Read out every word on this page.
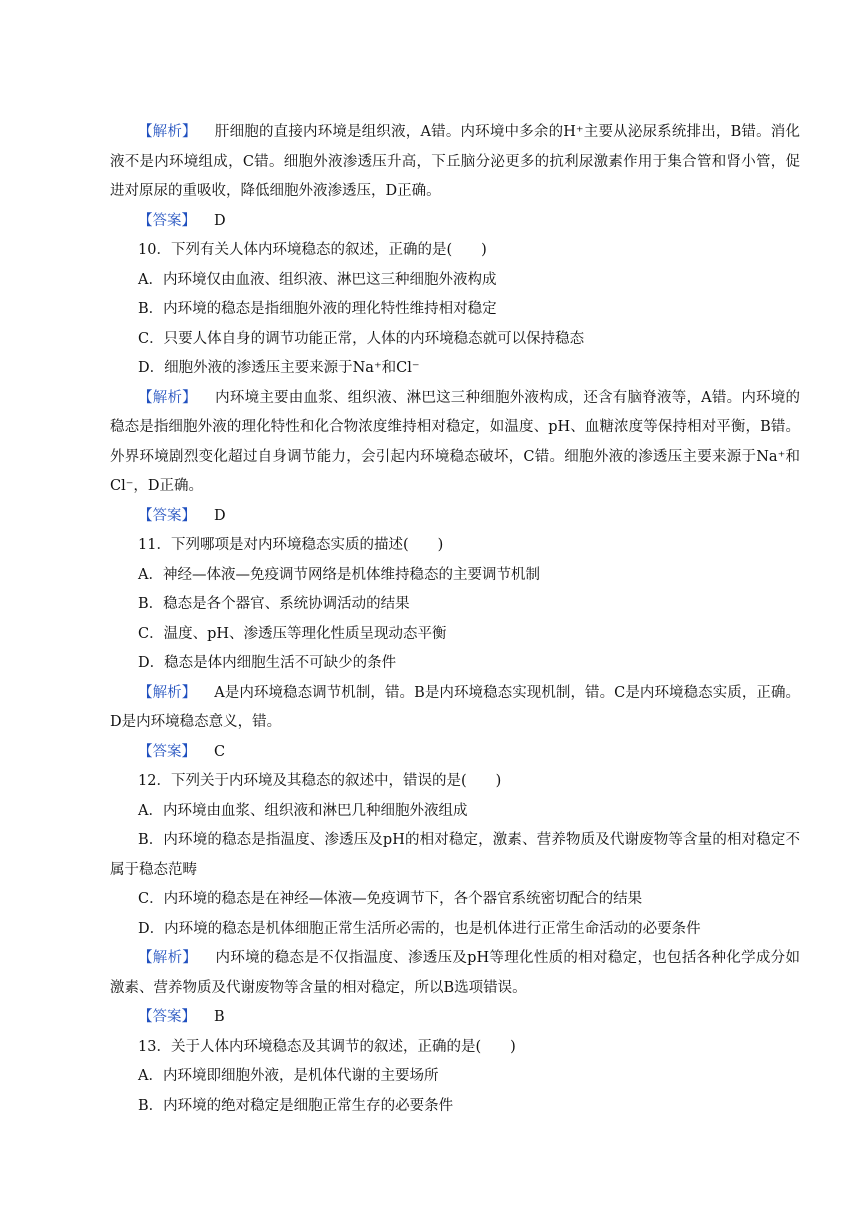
【解析】 肝细胞的直接内环境是组织液，A错。内环境中多余的H⁺主要从泌尿系统排出，B错。消化液不是内环境组成，C错。细胞外液渗透压升高，下丘脑分泌更多的抗利尿激素作用于集合管和肾小管，促进对原尿的重吸收，降低细胞外液渗透压，D正确。
【答案】 D
10．下列有关人体内环境稳态的叙述，正确的是(　　)
A．内环境仅由血液、组织液、淋巴这三种细胞外液构成
B．内环境的稳态是指细胞外液的理化特性维持相对稳定
C．只要人体自身的调节功能正常，人体的内环境稳态就可以保持稳态
D．细胞外液的渗透压主要来源于Na⁺和Cl⁻
【解析】 内环境主要由血浆、组织液、淋巴这三种细胞外液构成，还含有脑脊液等，A错。内环境的稳态是指细胞外液的理化特性和化合物浓度维持相对稳定，如温度、pH、血糖浓度等保持相对平衡，B错。外界环境剧烈变化超过自身调节能力，会引起内环境稳态破坏，C错。细胞外液的渗透压主要来源于Na⁺和Cl⁻，D正确。
【答案】 D
11．下列哪项是对内环境稳态实质的描述(　　)
A．神经—体液—免疫调节网络是机体维持稳态的主要调节机制
B．稳态是各个器官、系统协调活动的结果
C．温度、pH、渗透压等理化性质呈现动态平衡
D．稳态是体内细胞生活不可缺少的条件
【解析】 A是内环境稳态调节机制，错。B是内环境稳态实现机制，错。C是内环境稳态实质，正确。D是内环境稳态意义，错。
【答案】 C
12．下列关于内环境及其稳态的叙述中，错误的是(　　)
A．内环境由血浆、组织液和淋巴几种细胞外液组成
B．内环境的稳态是指温度、渗透压及pH的相对稳定，激素、营养物质及代谢废物等含量的相对稳定不属于稳态范畴
C．内环境的稳态是在神经—体液—免疫调节下，各个器官系统密切配合的结果
D．内环境的稳态是机体细胞正常生活所必需的，也是机体进行正常生命活动的必要条件
【解析】 内环境的稳态是不仅指温度、渗透压及pH等理化性质的相对稳定，也包括各种化学成分如激素、营养物质及代谢废物等含量的相对稳定，所以B选项错误。
【答案】 B
13．关于人体内环境稳态及其调节的叙述，正确的是(　　)
A．内环境即细胞外液，是机体代谢的主要场所
B．内环境的绝对稳定是细胞正常生存的必要条件
